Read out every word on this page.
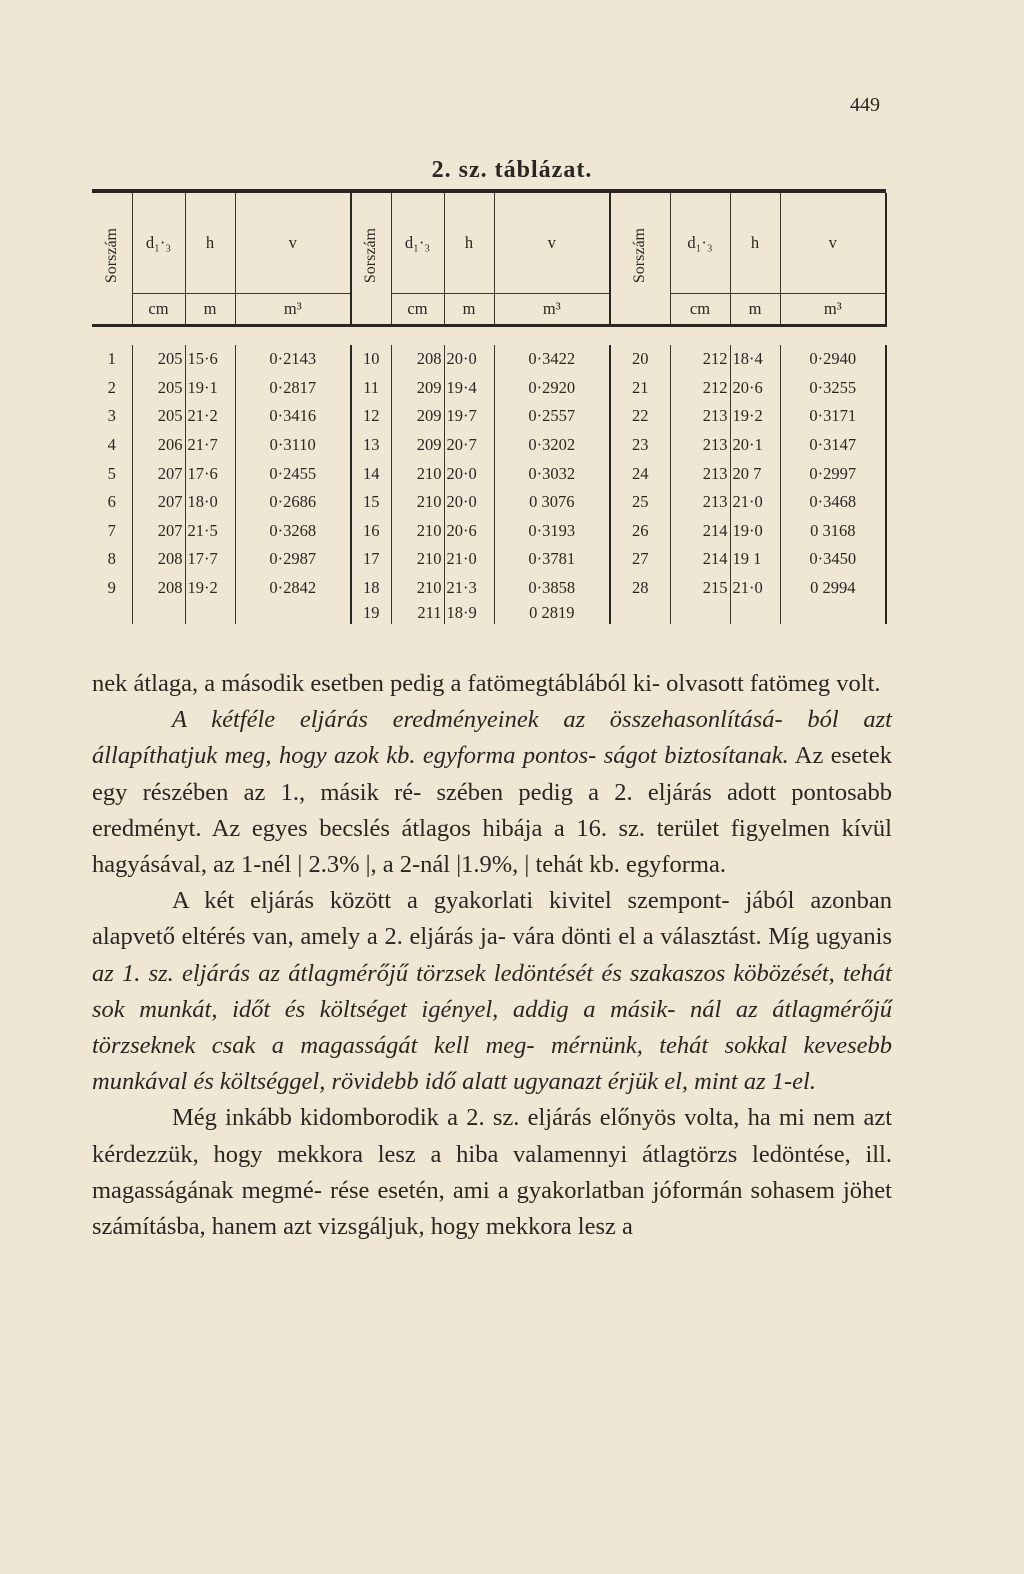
449
2. sz. táblázat.
Sorszám	d₁·₃	h	v	Sorszám	d₁·₃	h	v	Sorszám	d₁·₃	h	v
	cm	m	m³		cm	m	m³		cm	m	m³

1	205	15·6	0·2143	10	208	20·0	0·3422	20	212	18·4	0·2940
2	205	19·1	0·2817	11	209	19·4	0·2920	21	212	20·6	0·3255
3	205	21·2	0·3416	12	209	19·7	0·2557	22	213	19·2	0·3171
4	206	21·7	0·3110	13	209	20·7	0·3202	23	213	20·1	0·3147
5	207	17·6	0·2455	14	210	20·0	0·3032	24	213	20 7	0·2997
6	207	18·0	0·2686	15	210	20·0	0 3076	25	213	21·0	0·3468
7	207	21·5	0·3268	16	210	20·6	0·3193	26	214	19·0	0 3168
8	208	17·7	0·2987	17	210	21·0	0·3781	27	214	19 1	0·3450
9	208	19·2	0·2842	18	210	21·3	0·3858	28	215	21·0	0 2994
				19	211	18·9	0 2819				

nek átlaga, a második esetben pedig a fatömegtáblából ki- olvasott fatömeg volt.

A kétféle eljárás eredményeinek az összehasonlításá- ból azt állapíthatjuk meg, hogy azok kb. egyforma pontos- ságot biztosítanak. Az esetek egy részében az 1., másik ré- szében pedig a 2. eljárás adott pontosabb eredményt. Az egyes becslés átlagos hibája a 16. sz. terület figyelmen kívül hagyásával, az 1-nél | 2.3% |, a 2-nál |1.9%, | tehát kb. egyforma.

A két eljárás között a gyakorlati kivitel szempont- jából azonban alapvető eltérés van, amely a 2. eljárás ja- vára dönti el a választást. Míg ugyanis az 1. sz. eljárás az átlagmérőjű törzsek ledöntését és szakaszos köbözését, tehát sok munkát, időt és költséget igényel, addig a másik- nál az átlagmérőjű törzseknek csak a magasságát kell meg- mérnünk, tehát sokkal kevesebb munkával és költséggel, rövidebb idő alatt ugyanazt érjük el, mint az 1-el.

Még inkább kidomborodik a 2. sz. eljárás előnyös volta, ha mi nem azt kérdezzük, hogy mekkora lesz a hiba valamennyi átlagtörzs ledöntése, ill. magasságának megmé- rése esetén, ami a gyakorlatban jóformán sohasem jöhet számításba, hanem azt vizsgáljuk, hogy mekkora lesz a
